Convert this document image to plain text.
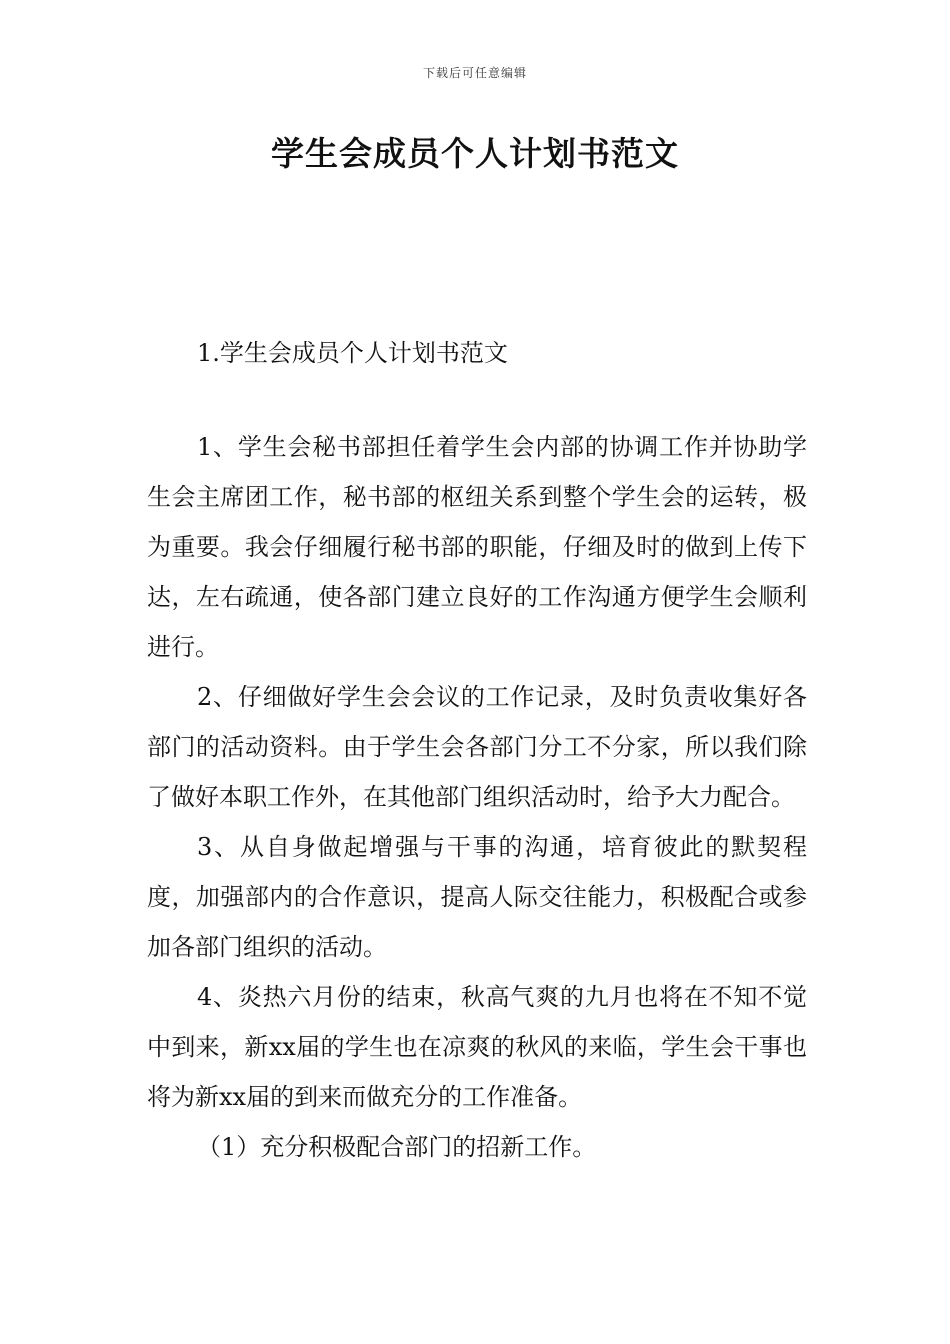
下载后可任意编辑
学生会成员个人计划书范文
1.学生会成员个人计划书范文

1、学生会秘书部担任着学生会内部的协调工作并协助学生会主席团工作，秘书部的枢纽关系到整个学生会的运转，极为重要。我会仔细履行秘书部的职能，仔细及时的做到上传下达，左右疏通，使各部门建立良好的工作沟通方便学生会顺利进行。

2、仔细做好学生会会议的工作记录，及时负责收集好各部门的活动资料。由于学生会各部门分工不分家，所以我们除了做好本职工作外，在其他部门组织活动时，给予大力配合。

3、从自身做起增强与干事的沟通，培育彼此的默契程度，加强部内的合作意识，提高人际交往能力，积极配合或参加各部门组织的活动。

4、炎热六月份的结束，秋高气爽的九月也将在不知不觉中到来，新xx届的学生也在凉爽的秋风的来临，学生会干事也将为新xx届的到来而做充分的工作准备。

（1）充分积极配合部门的招新工作。
